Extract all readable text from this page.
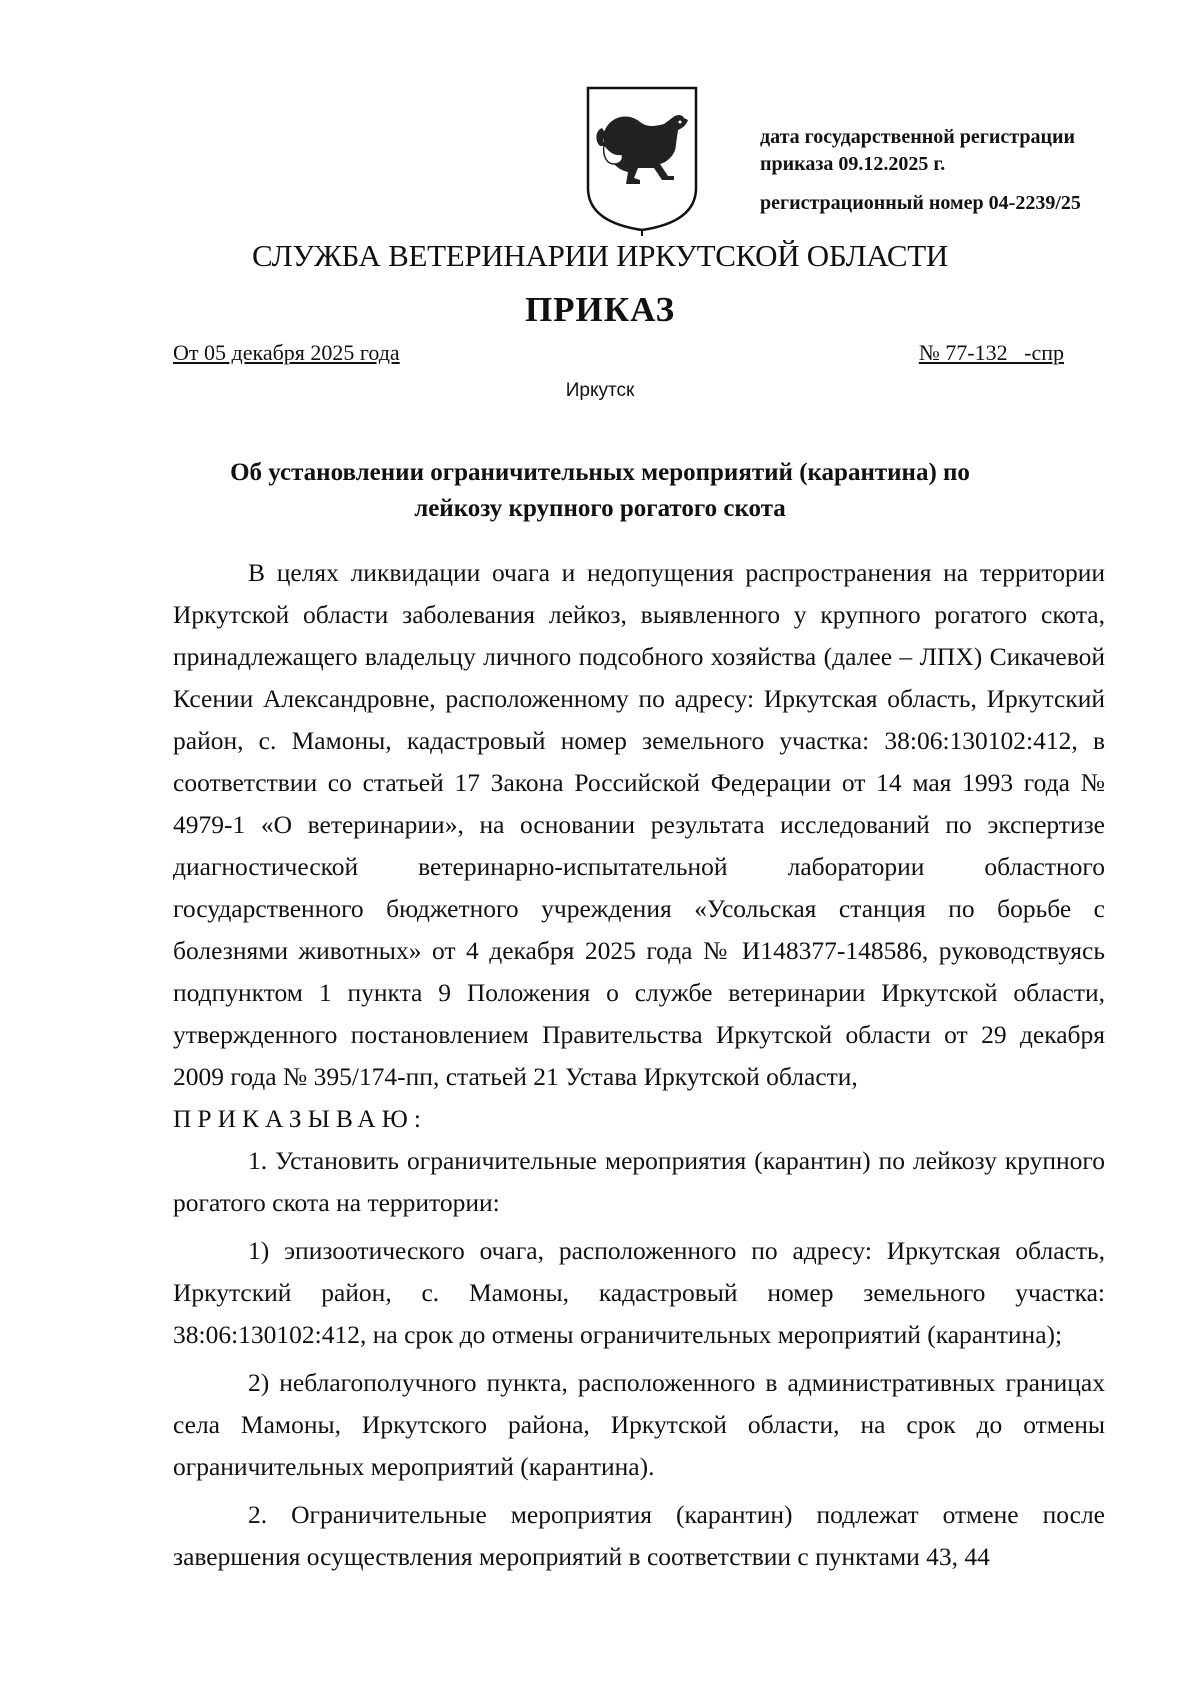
дата государственной регистрации
приказа 09.12.2025 г.
регистрационный номер 04-2239/25
СЛУЖБА ВЕТЕРИНАРИИ ИРКУТСКОЙ ОБЛАСТИ
ПРИКАЗ
От 05 декабря 2025 года	№ 77-132   -спр
Иркутск
Об установлении ограничительных мероприятий (карантина) по
лейкозу крупного рогатого скота

В целях ликвидации очага и недопущения распространения на территории Иркутской области заболевания лейкоз, выявленного у крупного рогатого скота, принадлежащего владельцу личного подсобного хозяйства (далее – ЛПХ) Сикачевой Ксении Александровне, расположенному по адресу: Иркутская область, Иркутский район, с. Мамоны, кадастровый номер земельного участка: 38:06:130102:412, в соответствии со статьей 17 Закона Российской Федерации от 14 мая 1993 года № 4979-1 «О ветеринарии», на основании результата исследований по экспертизе диагностической ветеринарно-испытательной лаборатории областного государственного бюджетного учреждения «Усольская станция по борьбе с болезнями животных» от 4 декабря 2025 года № И148377-148586, руководствуясь подпунктом 1 пункта 9 Положения о службе ветеринарии Иркутской области, утвержденного постановлением Правительства Иркутской области от 29 декабря 2009 года № 395/174-пп, статьей 21 Устава Иркутской области,

ПРИКАЗЫВАЮ:

1. Установить ограничительные мероприятия (карантин) по лейкозу крупного рогатого скота на территории:

1) эпизоотического очага, расположенного по адресу: Иркутская область, Иркутский район, с. Мамоны, кадастровый номер земельного участка: 38:06:130102:412, на срок до отмены ограничительных мероприятий (карантина);

2) неблагополучного пункта, расположенного в административных границах села Мамоны, Иркутского района, Иркутской области, на срок до отмены ограничительных мероприятий (карантина).

2. Ограничительные мероприятия (карантин) подлежат отмене после завершения осуществления мероприятий в соответствии с пунктами 43, 44
